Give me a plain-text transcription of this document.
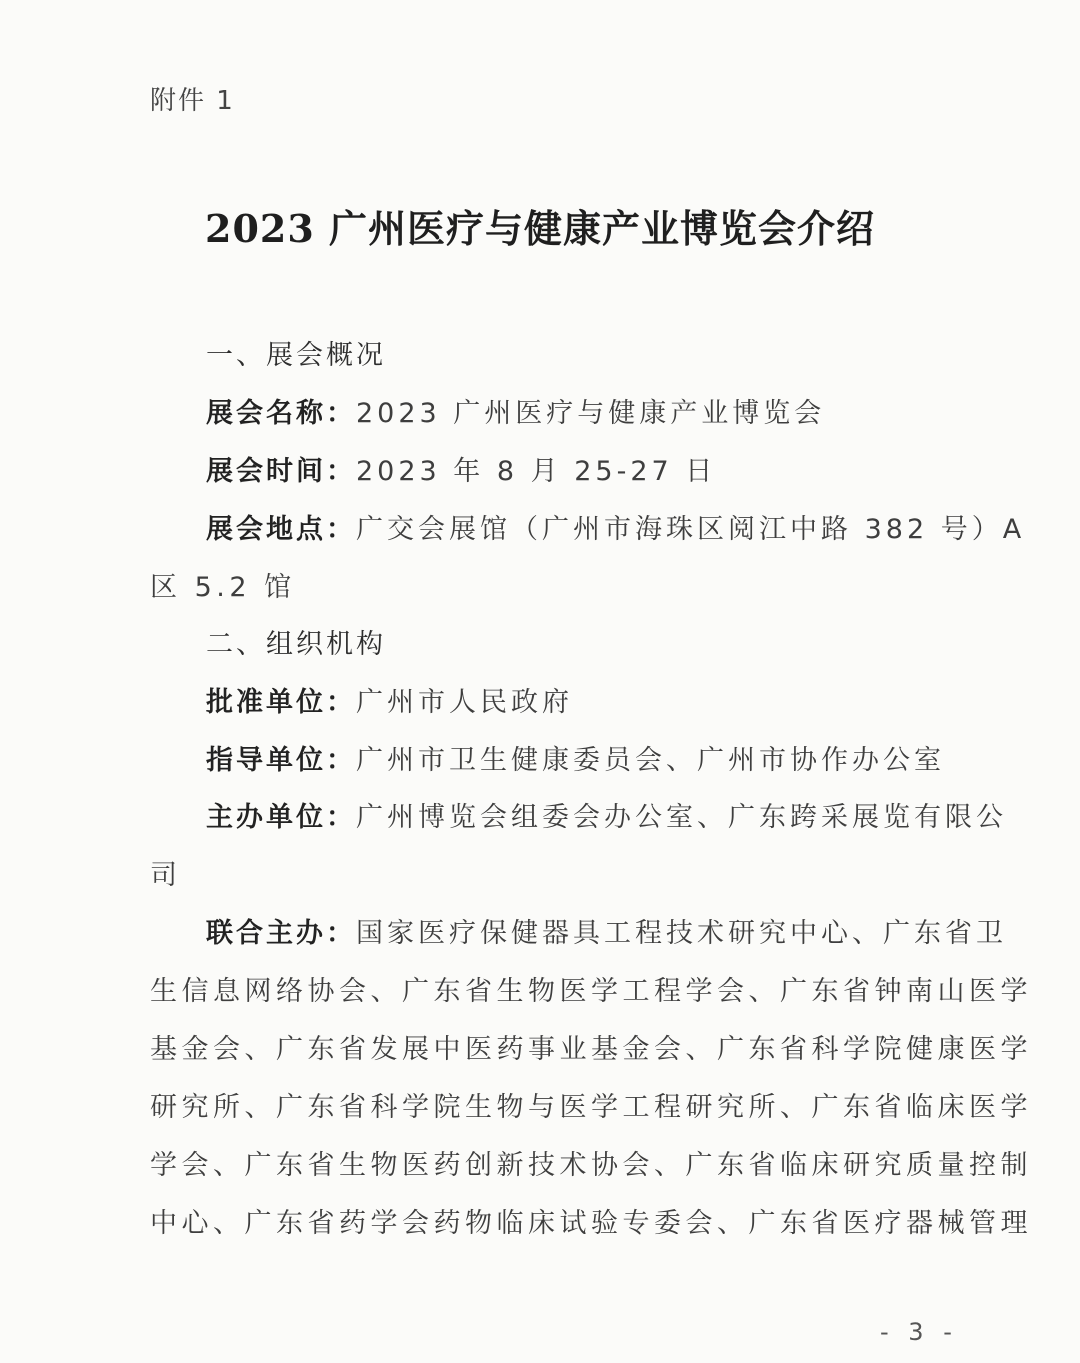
附件 1
2023 广州医疗与健康产业博览会介绍
一、展会概况
展会名称：2023 广州医疗与健康产业博览会
展会时间：2023 年 8 月 25-27 日
展会地点：广交会展馆（广州市海珠区阅江中路 382 号）A
区 5.2 馆
二、组织机构
批准单位：广州市人民政府
指导单位：广州市卫生健康委员会、广州市协作办公室
主办单位：广州博览会组委会办公室、广东跨采展览有限公
司
联合主办：国家医疗保健器具工程技术研究中心、广东省卫
生信息网络协会、广东省生物医学工程学会、广东省钟南山医学
基金会、广东省发展中医药事业基金会、广东省科学院健康医学
研究所、广东省科学院生物与医学工程研究所、广东省临床医学
学会、广东省生物医药创新技术协会、广东省临床研究质量控制
中心、广东省药学会药物临床试验专委会、广东省医疗器械管理
- 3 -
